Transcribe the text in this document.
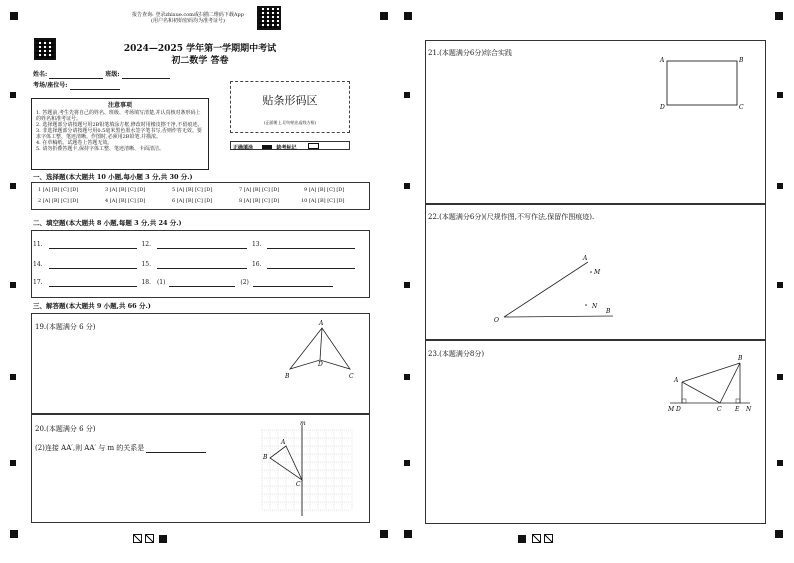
报告查询: 登录zhixue.com或扫描二维码下载App
(用户名和初始密码均为准考证号)
2024—2025 学年第一学期期中考试
初二数学 答卷
姓名:	班级:
考场/座位号:
注意事项
1. 答题前,考生先将自己的姓名、班级、考场填写清楚,并认真核对条形码上的姓名和准考证号。
2. 选择题部分请按题号用2B铅笔填涂方框,修改时用橡皮擦干净,不留痕迹。
3. 非选择题部分请按题号用0.5毫米黑色墨水签字笔书写,否则作答无效。要求字体工整、笔迹清晰。作图时,必须用2B铅笔,并描浓。
4. 在草稿纸、试题卷上答题无效。
5. 请勿折叠答题卡,保持字体工整、笔迹清晰、卡面清洁。
贴条形码区
(正面朝上,切勿贴出虚线方框)
正确填涂	缺考标记
一、选择题(本大题共 10 小题,每小题 3 分,共 30 分.)
1 [A] [B] [C] [D]	3 [A] [B] [C] [D]	5 [A] [B] [C] [D]	7 [A] [B] [C] [D]	9 [A] [B] [C] [D]
2 [A] [B] [C] [D]	4 [A] [B] [C] [D]	6 [A] [B] [C] [D]	8 [A] [B] [C] [D]	10 [A] [B] [C] [D]
二、填空题(本大题共 8 小题,每题 3 分,共 24 分.)
11.	12.	13.
14.	15.	16.
17.	18. (1)	(2)
三、解答题(本大题共 9 小题,共 66 分.)
19.(本题满分 6 分)	A
B	C
D
20.(本题满分 6 分)
(2)连接 AA′,则 AA′ 与 m 的关系是
m
A
B
C
21.(本题满分6分)综合实践
A	B
C
D
22.(本题满分6分)(尺规作图,不写作法,保留作图痕迹).
A
M
N
O
B
23.(本题满分8分)
A
B
M D	C E N
